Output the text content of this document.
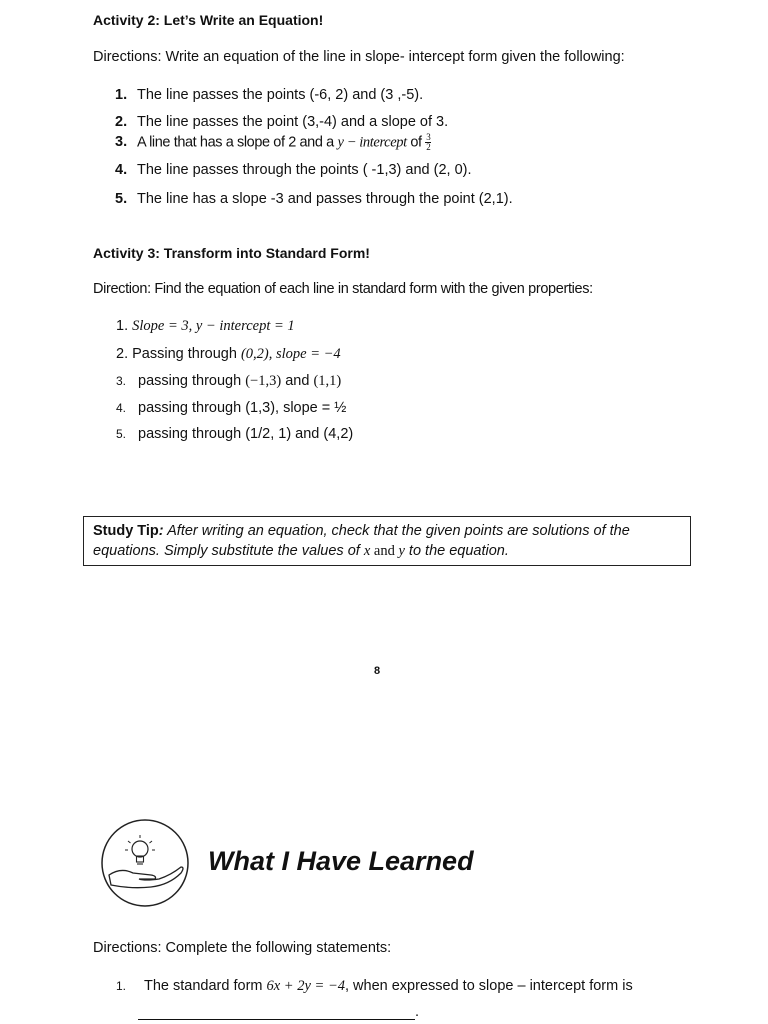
Activity 2: Let’s Write an Equation!
Directions: Write an equation of the line in slope- intercept form given the following:
1. The line passes the points (-6, 2) and (3 ,-5).
2. The line passes the point (3,-4) and a slope of 3.
3. A line that has a slope of 2 and a y − intercept of $\frac{3}{2}$
4. The line passes through the points ( -1,3) and (2, 0).
5. The line has a slope -3 and passes through the point (2,1).
Activity 3: Transform into Standard Form!
Direction: Find the equation of each line in standard form with the given properties:
1. Slope = 3, y − intercept = 1
2. Passing through (0,2), slope = −4
3. passing through (−1,3) and (1,1)
4. passing through (1,3), slope = ½
5. passing through (1/2, 1) and (4,2)
Study Tip: After writing an equation, check that the given points are solutions of the
equations. Simply substitute the values of x and y to the equation.
8
What I Have Learned
Directions: Complete the following statements:
1. The standard form 6x + 2y = −4, when expressed to slope – intercept form is
.
